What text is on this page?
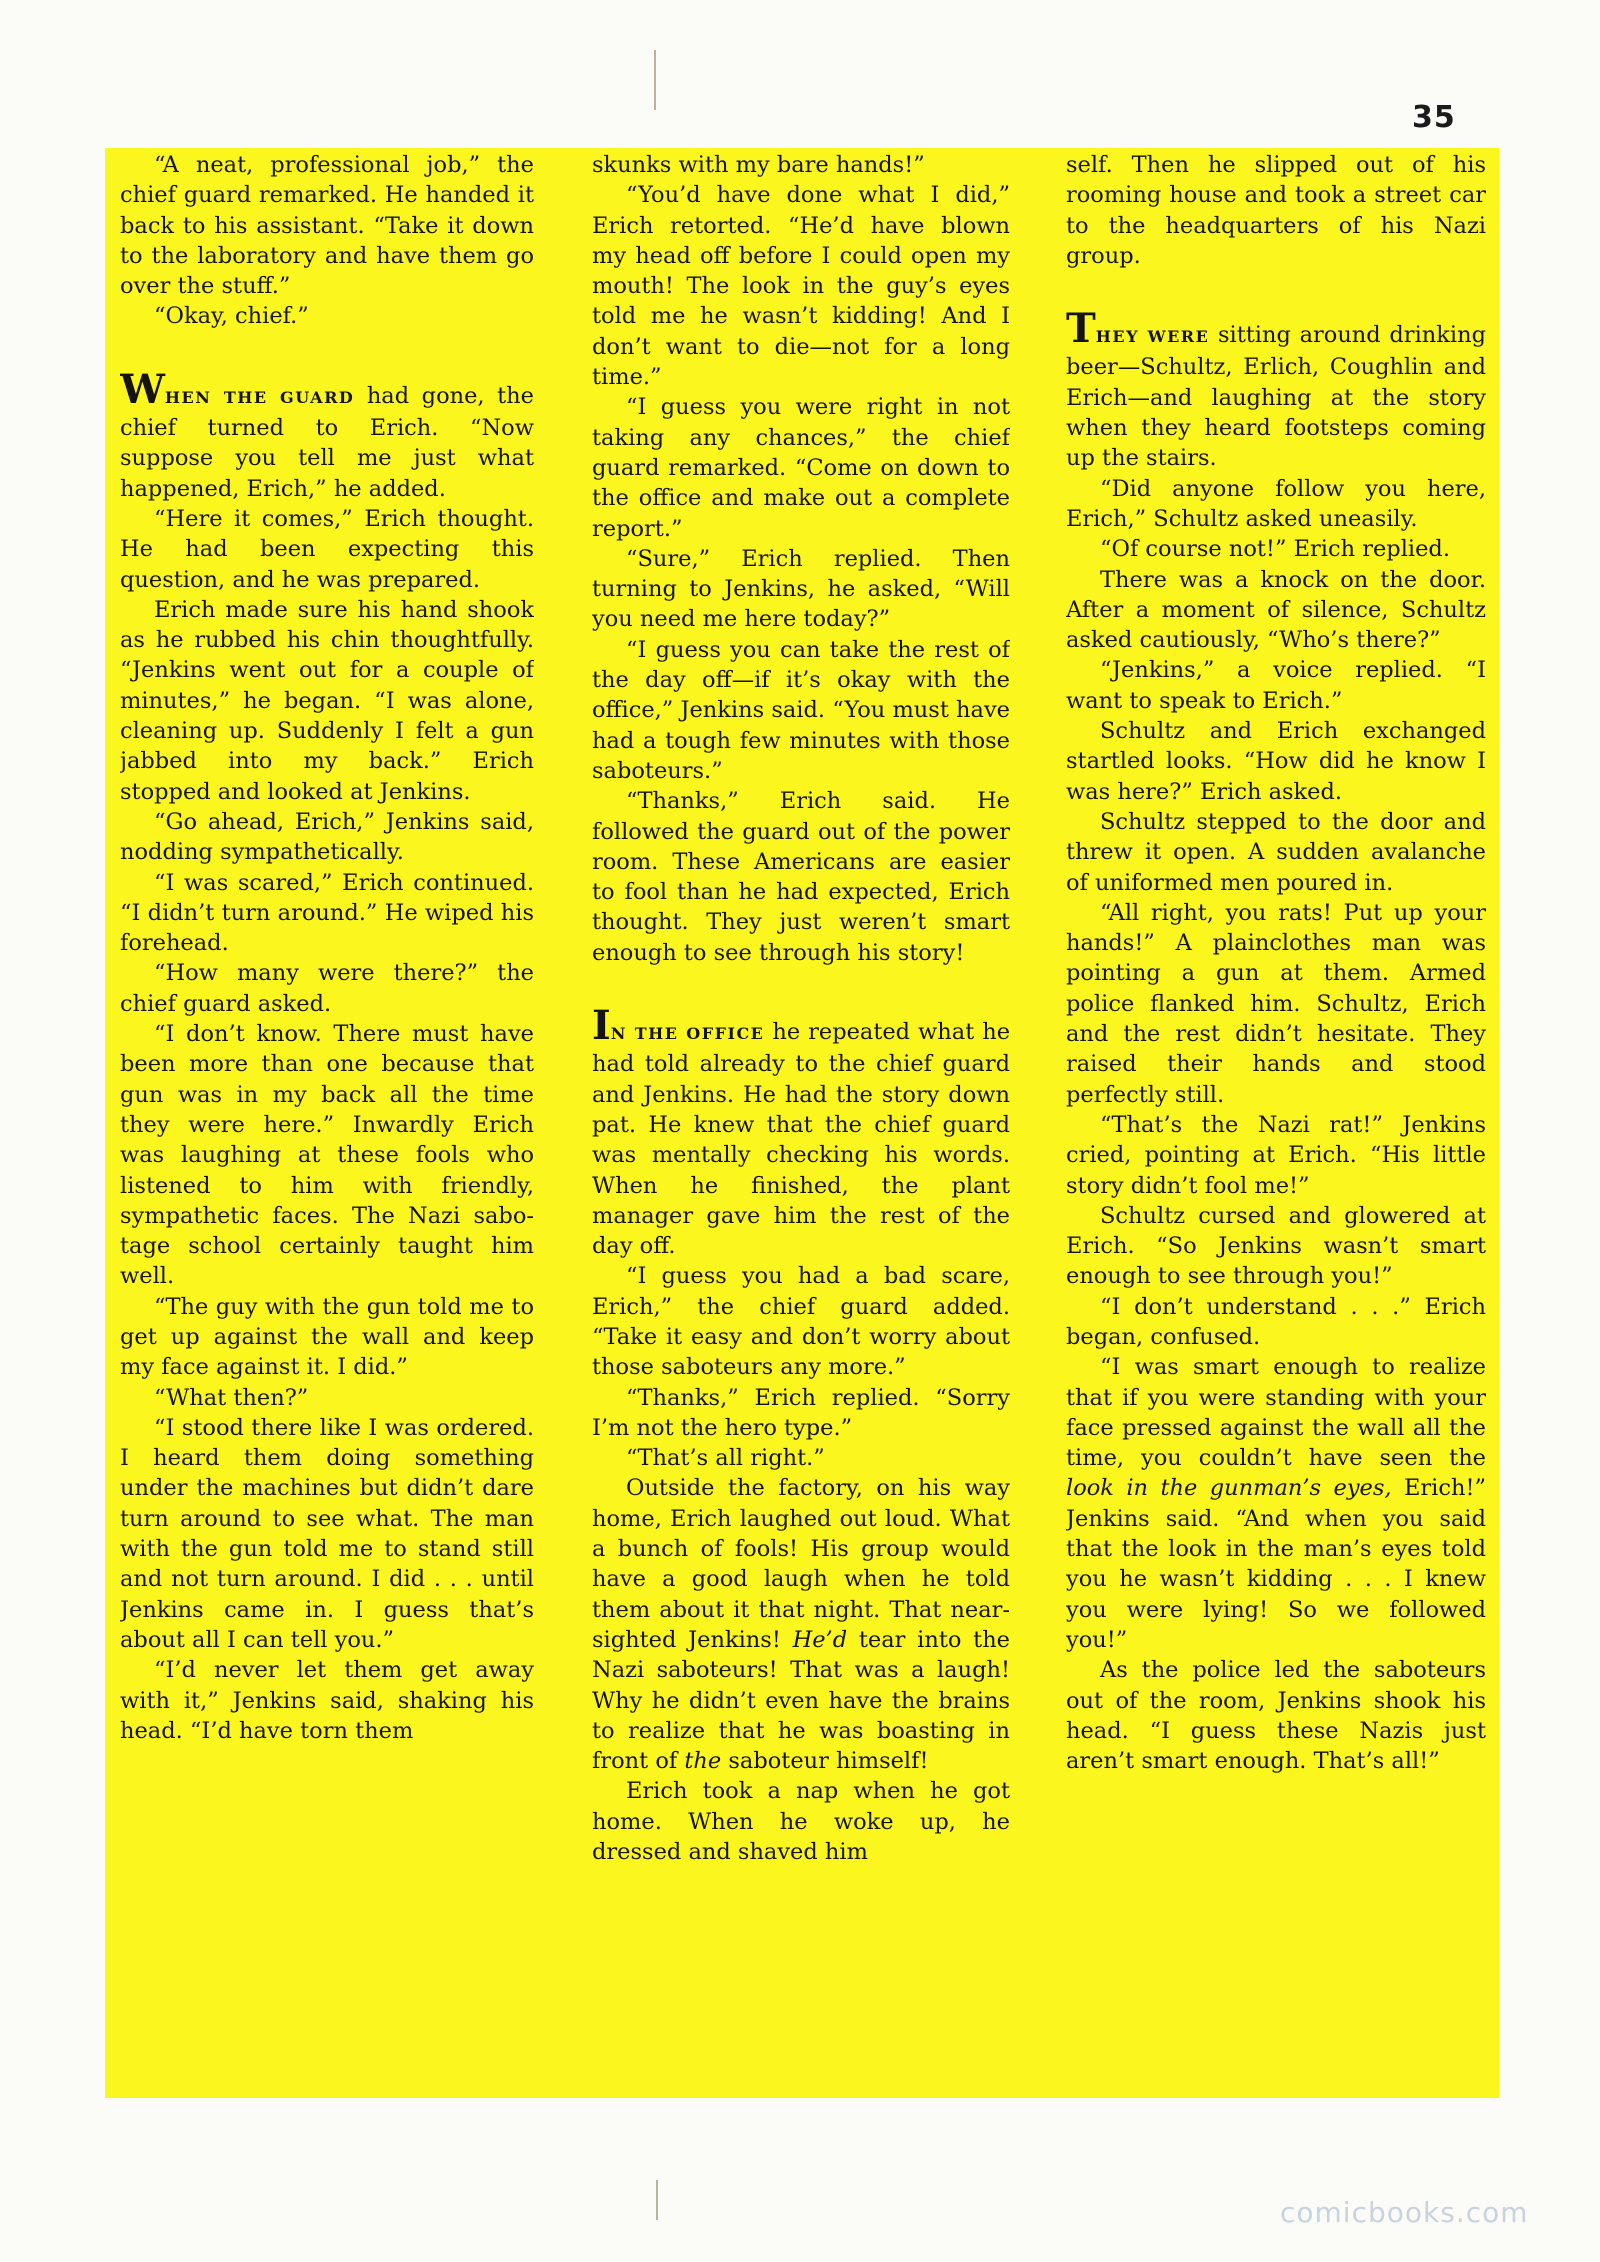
35

“A neat, professional job,” the chief guard remarked. He handed it back to his assistant. “Take it down to the laboratory and have them go over the stuff.”

“Okay, chief.”

WHEN THE GUARD had gone, the chief turned to Erich. “Now suppose you tell me just what happened, Erich,” he added.

“Here it comes,” Erich thought. He had been expecting this question, and he was prepared.

Erich made sure his hand shook as he rubbed his chin thoughtfully. “Jenkins went out for a couple of minutes,” he began. “I was alone, cleaning up. Suddenly I felt a gun jabbed into my back.” Erich stopped and looked at Jenkins.

“Go ahead, Erich,” Jenkins said, nodding sympathetically.

“I was scared,” Erich continued. “I didn’t turn around.” He wiped his forehead.

“How many were there?” the chief guard asked.

“I don’t know. There must have been more than one because that gun was in my back all the time they were here.” Inwardly Erich was laughing at these fools who listened to him with friendly, sympathetic faces. The Nazi sabotage school certainly taught him well.

“The guy with the gun told me to get up against the wall and keep my face against it. I did.”

“What then?”

“I stood there like I was ordered. I heard them doing something under the machines but didn’t dare turn around to see what. The man with the gun told me to stand still and not turn around. I did . . . until Jenkins came in. I guess that’s about all I can tell you.”

“I’d never let them get away with it,” Jenkins said, shaking his head. “I’d have torn them

skunks with my bare hands!”

“You’d have done what I did,” Erich retorted. “He’d have blown my head off before I could open my mouth! The look in the guy’s eyes told me he wasn’t kidding! And I don’t want to die—not for a long time.”

“I guess you were right in not taking any chances,” the chief guard remarked. “Come on down to the office and make out a complete report.”

“Sure,” Erich replied. Then turning to Jenkins, he asked, “Will you need me here today?”

“I guess you can take the rest of the day off—if it’s okay with the office,” Jenkins said. “You must have had a tough few minutes with those saboteurs.”

“Thanks,” Erich said. He followed the guard out of the power room. These Americans are easier to fool than he had expected, Erich thought. They just weren’t smart enough to see through his story!

IN THE OFFICE he repeated what he had told already to the chief guard and Jenkins. He had the story down pat. He knew that the chief guard was mentally checking his words. When he finished, the plant manager gave him the rest of the day off.

“I guess you had a bad scare, Erich,” the chief guard added. “Take it easy and don’t worry about those saboteurs any more.”

“Thanks,” Erich replied. “Sorry I’m not the hero type.”

“That’s all right.”

Outside the factory, on his way home, Erich laughed out loud. What a bunch of fools! His group would have a good laugh when he told them about it that night. That nearsighted Jenkins! He’d tear into the Nazi saboteurs! That was a laugh! Why he didn’t even have the brains to realize that he was boasting in front of the saboteur himself!

Erich took a nap when he got home. When he woke up, he dressed and shaved him

self. Then he slipped out of his rooming house and took a street car to the headquarters of his Nazi group.

THEY WERE sitting around drinking beer—Schultz, Erlich, Coughlin and Erich—and laughing at the story when they heard footsteps coming up the stairs.

“Did anyone follow you here, Erich,” Schultz asked uneasily.

“Of course not!” Erich replied.

There was a knock on the door. After a moment of silence, Schultz asked cautiously, “Who’s there?”

“Jenkins,” a voice replied. “I want to speak to Erich.”

Schultz and Erich exchanged startled looks. “How did he know I was here?” Erich asked.

Schultz stepped to the door and threw it open. A sudden avalanche of uniformed men poured in.

“All right, you rats! Put up your hands!” A plainclothes man was pointing a gun at them. Armed police flanked him. Schultz, Erich and the rest didn’t hesitate. They raised their hands and stood perfectly still.

“That’s the Nazi rat!” Jenkins cried, pointing at Erich. “His little story didn’t fool me!”

Schultz cursed and glowered at Erich. “So Jenkins wasn’t smart enough to see through you!”

“I don’t understand . . .” Erich began, confused.

“I was smart enough to realize that if you were standing with your face pressed against the wall all the time, you couldn’t have seen the look in the gunman’s eyes, Erich!” Jenkins said. “And when you said that the look in the man’s eyes told you he wasn’t kidding . . . I knew you were lying! So we followed you!”

As the police led the saboteurs out of the room, Jenkins shook his head. “I guess these Nazis just aren’t smart enough. That’s all!”

comicbooks.com
